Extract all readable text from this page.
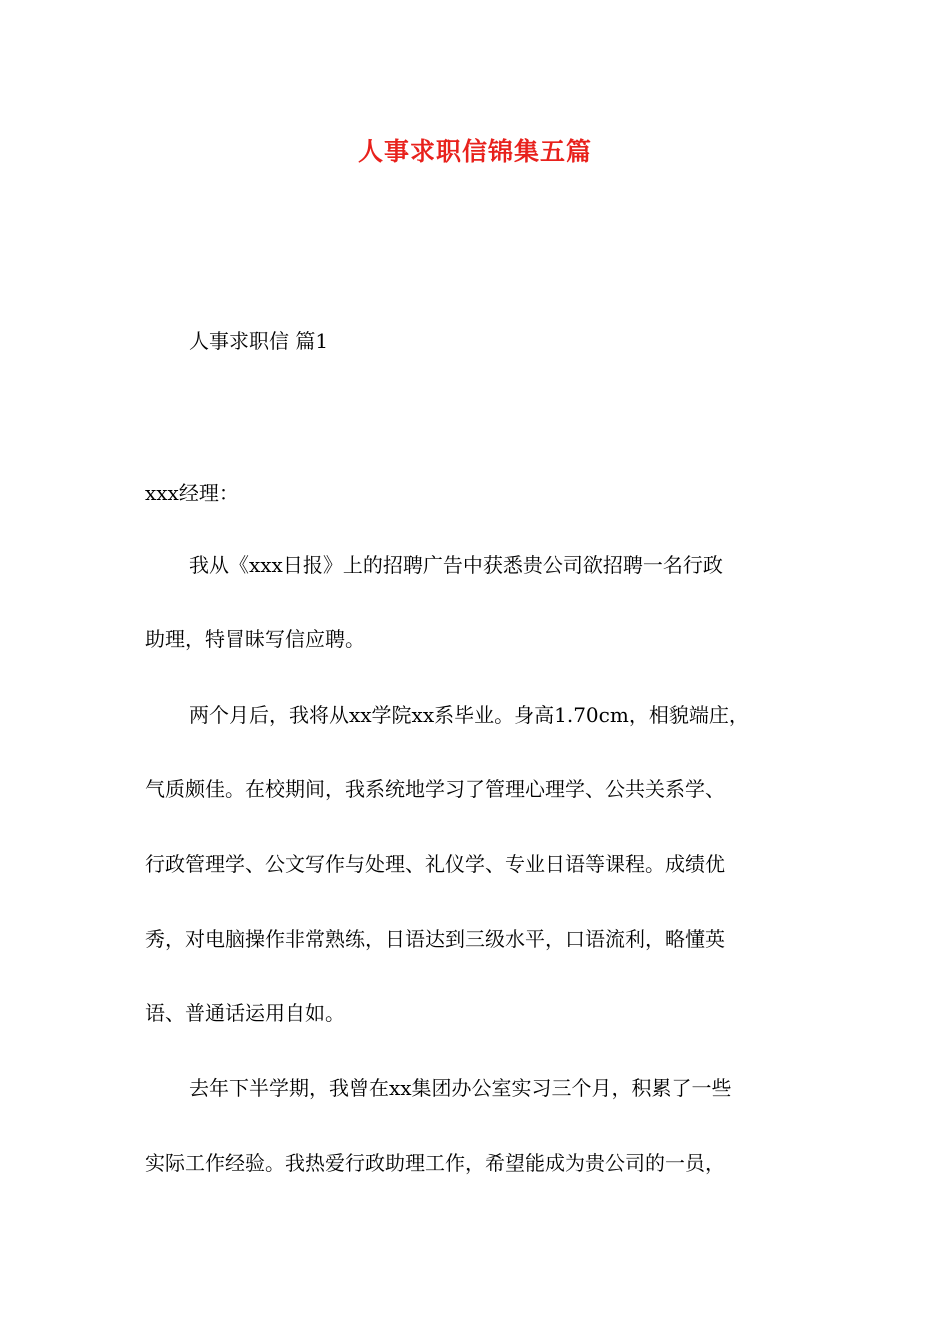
人事求职信锦集五篇
人事求职信 篇1
xxx经理：
我从《xxx日报》上的招聘广告中获悉贵公司欲招聘一名行政
助理，特冒昧写信应聘。
两个月后，我将从xx学院xx系毕业。身高1.70cm，相貌端庄，
气质颇佳。在校期间，我系统地学习了管理心理学、公共关系学、
行政管理学、公文写作与处理、礼仪学、专业日语等课程。成绩优
秀，对电脑操作非常熟练，日语达到三级水平，口语流利，略懂英
语、普通话运用自如。
去年下半学期，我曾在xx集团办公室实习三个月，积累了一些
实际工作经验。我热爱行政助理工作，希望能成为贵公司的一员，
